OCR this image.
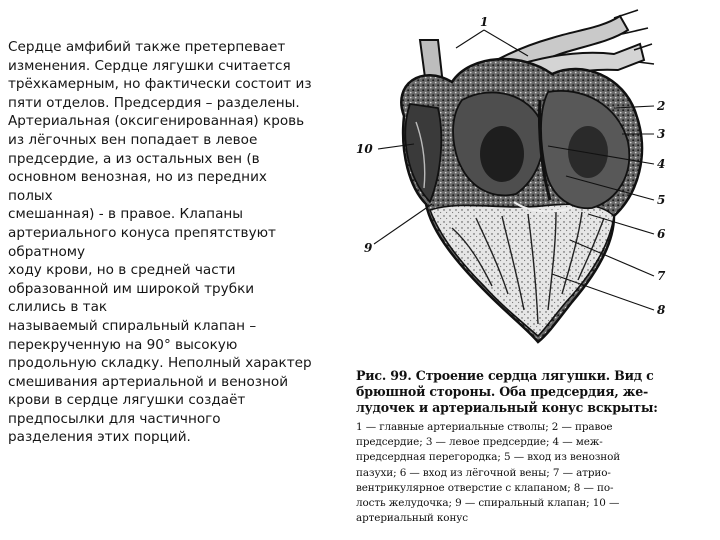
Сердце амфибий также претерпевает
изменения. Сердце лягушки считается
трёхкамерным, но фактически состоит из
пяти отделов. Предсердия – разделены.
Артериальная (оксигенированная) кровь
из лёгочных вен попадает в левое
предсердие, а из остальных вен (в
основном венозная, но из передних
полых
смешанная) - в правое. Клапаны
артериального конуса препятствуют
обратному
ходу крови, но в средней части
образованной им широкой трубки
слились в так
называемый спиральный клапан –
перекрученную на 90° высокую
продольную складку. Неполный характер
смешивания артериальной и венозной
крови в сердце лягушки создаёт
предпосылки для частичного
разделения этих порций.
1
2
3
4
5
6
7
8
9
10
Рис. 99. Строение сердца лягушки. Вид с
брюшной стороны. Оба предсердия, же-
лудочек и артериальный конус вскрыты:
1 — главные артериальные стволы; 2 — правое
предсердие; 3 — левое предсердие; 4 — меж-
предсердная перегородка; 5 — вход из венозной
пазухи; 6 — вход из лёгочной вены; 7 — атрио-
вентрикулярное отверстие с клапаном; 8 — по-
лость желудочка; 9 — спиральный клапан; 10 —
артериальный конус
